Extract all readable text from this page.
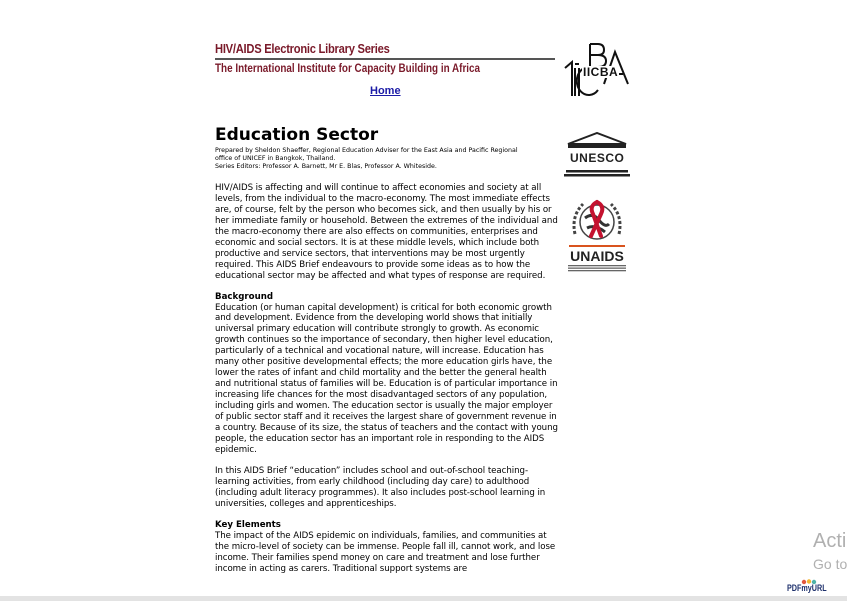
HIV/AIDS Electronic Library Series
The International Institute for Capacity Building in Africa
Home
IICBA
UNESCO
UNAIDS
Education Sector
Prepared by Sheldon Shaeffer, Regional Education Adviser for the East Asia and Pacific Regional
office of UNICEF in Bangkok, Thailand.
Series Editors: Professor A. Barnett, Mr E. Blas, Professor A. Whiteside.

HIV/AIDS is affecting and will continue to affect economies and society at all levels, from the individual to the macro-economy. The most immediate effects are, of course, felt by the person who becomes sick, and then usually by his or her immediate family or household. Between the extremes of the individual and the macro-economy there are also effects on communities, enterprises and economic and social sectors. It is at these middle levels, which include both productive and service sectors, that interventions may be most urgently required. This AIDS Brief endeavours to provide some ideas as to how the educational sector may be affected and what types of response are required.

Background

Education (or human capital development) is critical for both economic growth and development. Evidence from the developing world shows that initially universal primary education will contribute strongly to growth. As economic growth continues so the importance of secondary, then higher level education, particularly of a technical and vocational nature, will increase. Education has many other positive developmental effects; the more education girls have, the lower the rates of infant and child mortality and the better the general health and nutritional status of families will be. Education is of particular importance in increasing life chances for the most disadvantaged sectors of any population, including girls and women. The education sector is usually the major employer of public sector staff and it receives the largest share of government revenue in a country. Because of its size, the status of teachers and the contact with young people, the education sector has an important role in responding to the AIDS epidemic.

In this AIDS Brief “education” includes school and out-of-school teaching-learning activities, from early childhood (including day care) to adulthood (including adult literacy programmes). It also includes post-school learning in universities, colleges and apprenticeships.

Key Elements

The impact of the AIDS epidemic on individuals, families, and communities at the micro-level of society can be immense. People fall ill, cannot work, and lose income. Their families spend money on care and treatment and lose further income in acting as carers. Traditional support systems are

Acti
Go to
PDFmyURL
